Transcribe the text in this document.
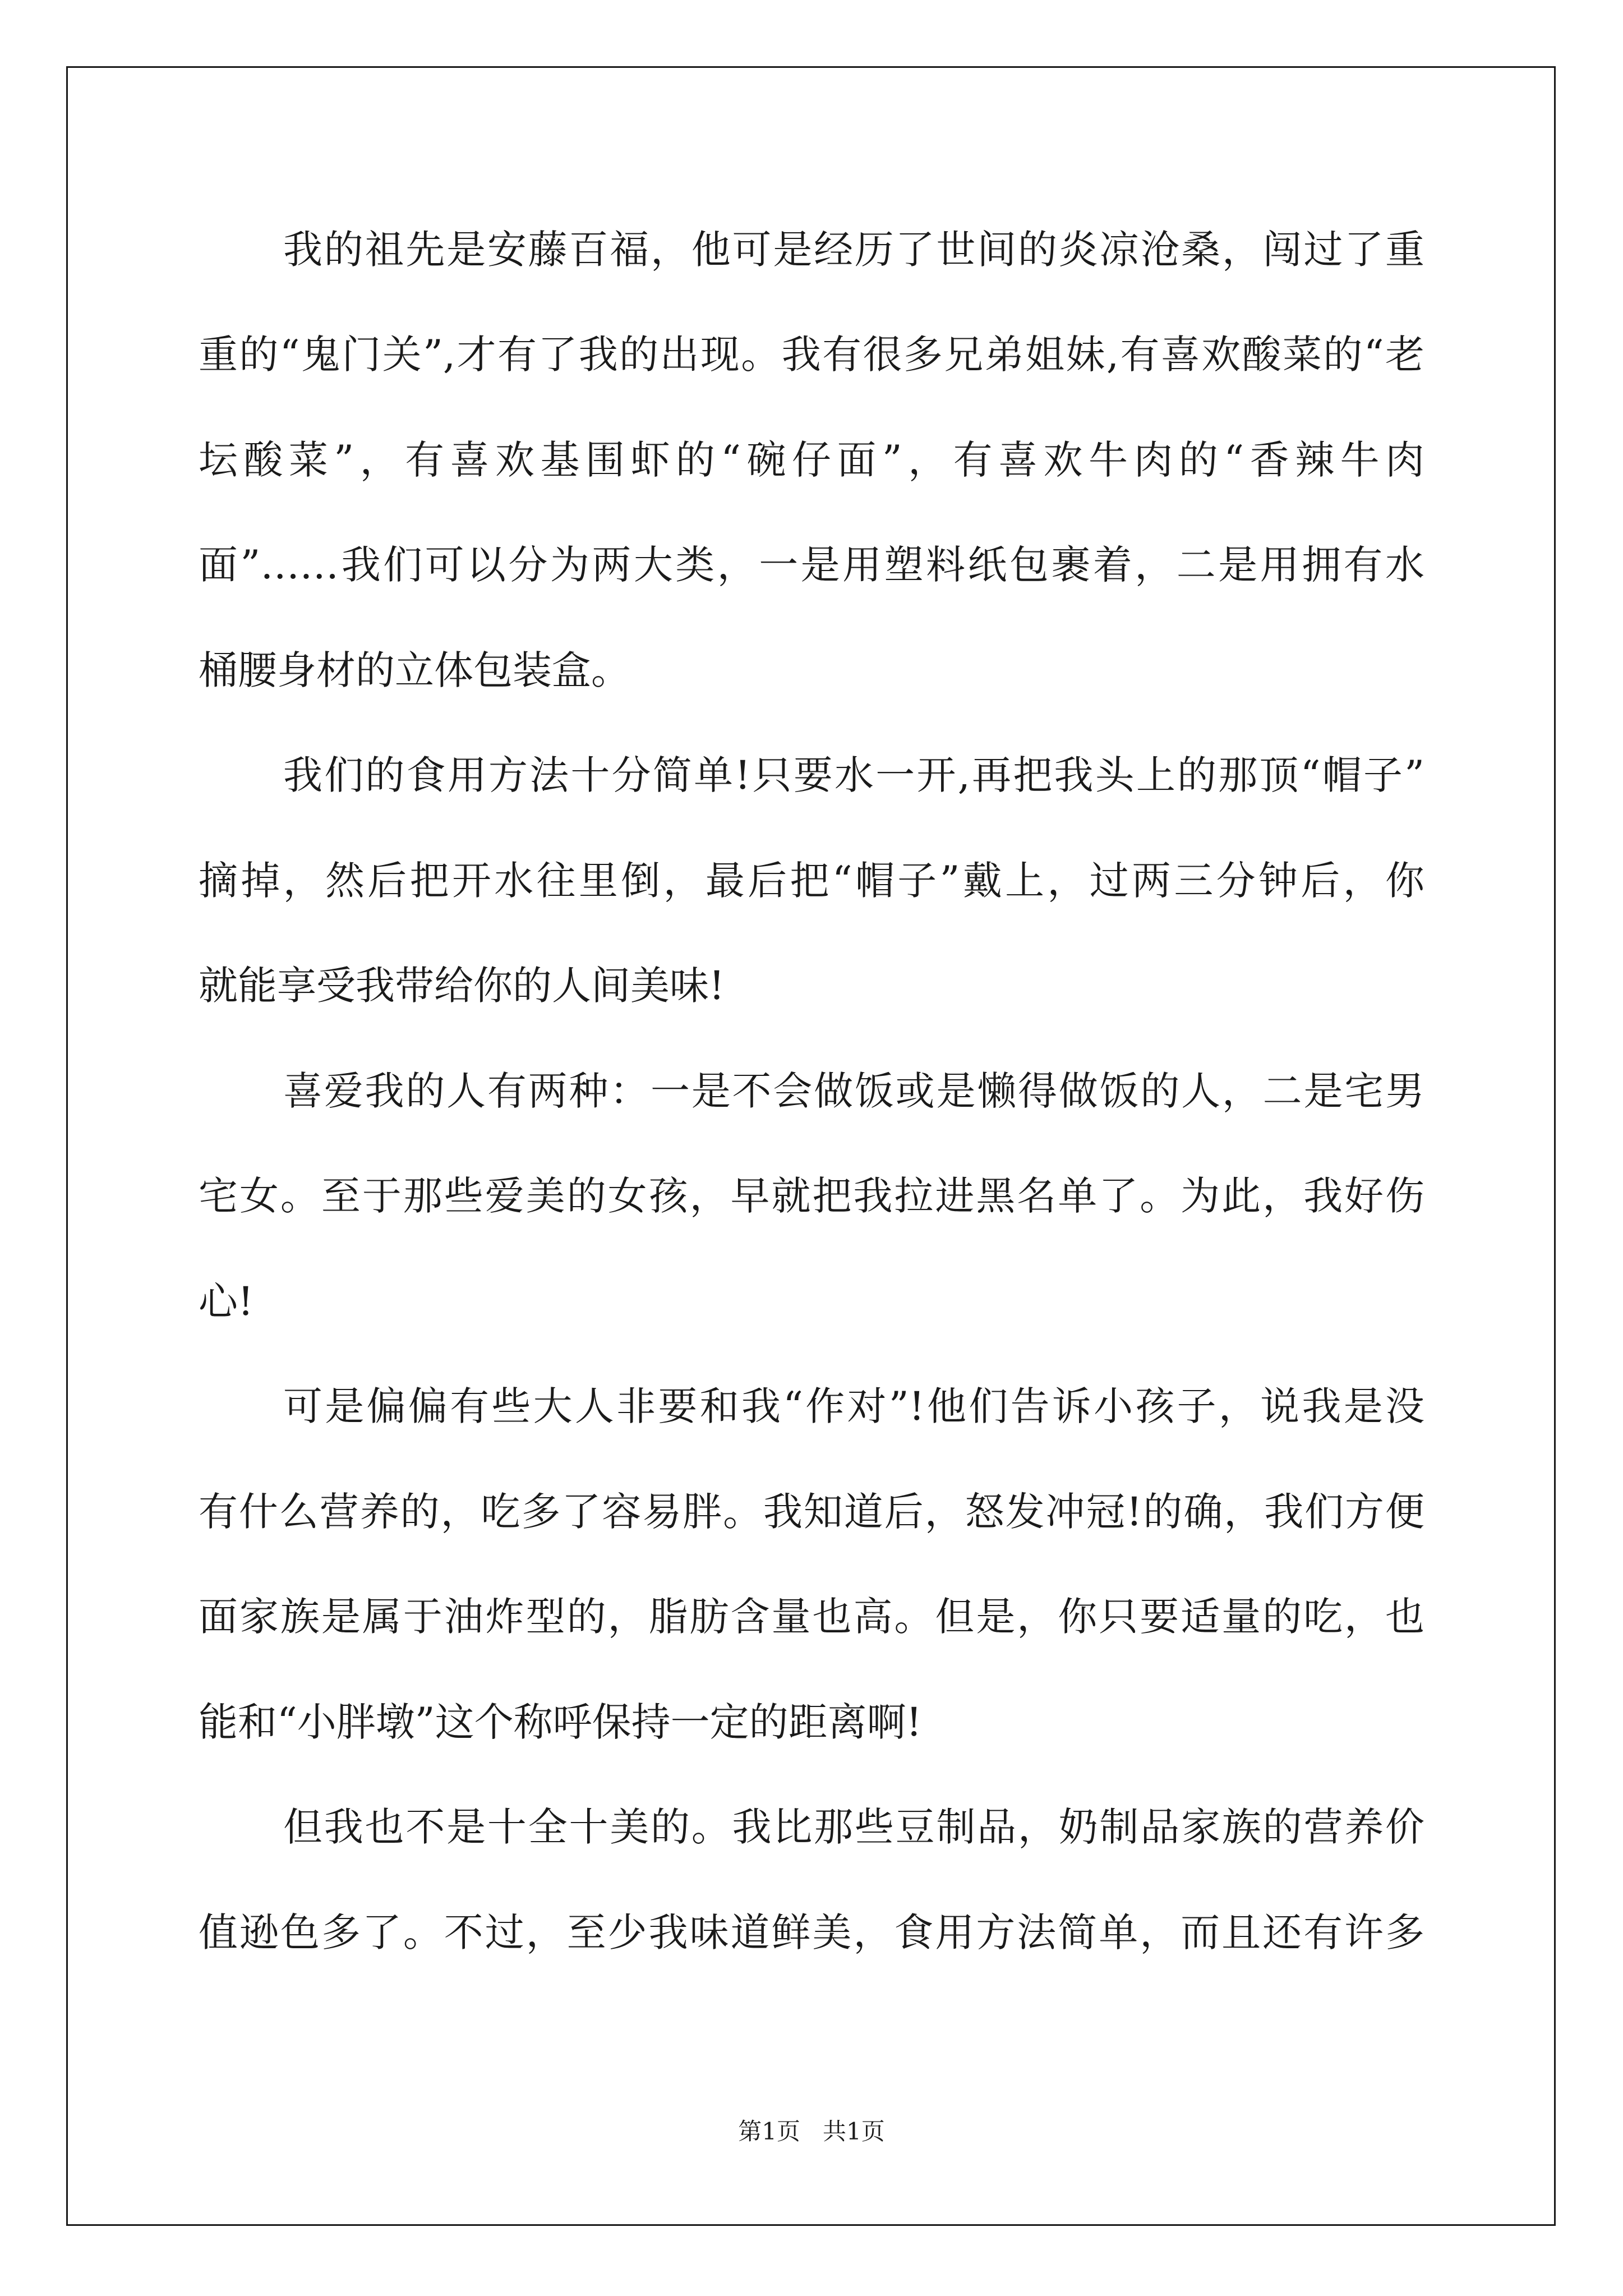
我的祖先是安藤百福，他可是经历了世间的炎凉沧桑，闯过了重
重的“鬼门关”,才有了我的出现。我有很多兄弟姐妹,有喜欢酸菜的“老
坛酸菜”，有喜欢基围虾的“碗仔面”，有喜欢牛肉的“香辣牛肉
面”……我们可以分为两大类，一是用塑料纸包裹着，二是用拥有水
桶腰身材的立体包装盒。
我们的食用方法十分简单!只要水一开,再把我头上的那顶“帽子”
摘掉，然后把开水往里倒，最后把“帽子”戴上，过两三分钟后，你
就能享受我带给你的人间美味!
喜爱我的人有两种：一是不会做饭或是懒得做饭的人，二是宅男
宅女。至于那些爱美的女孩，早就把我拉进黑名单了。为此，我好伤
心!
可是偏偏有些大人非要和我“作对”!他们告诉小孩子，说我是没
有什么营养的，吃多了容易胖。我知道后，怒发冲冠!的确，我们方便
面家族是属于油炸型的，脂肪含量也高。但是，你只要适量的吃，也
能和“小胖墩”这个称呼保持一定的距离啊!
但我也不是十全十美的。我比那些豆制品，奶制品家族的营养价
值逊色多了。不过，至少我味道鲜美，食用方法简单，而且还有许多
第1页   共1页
